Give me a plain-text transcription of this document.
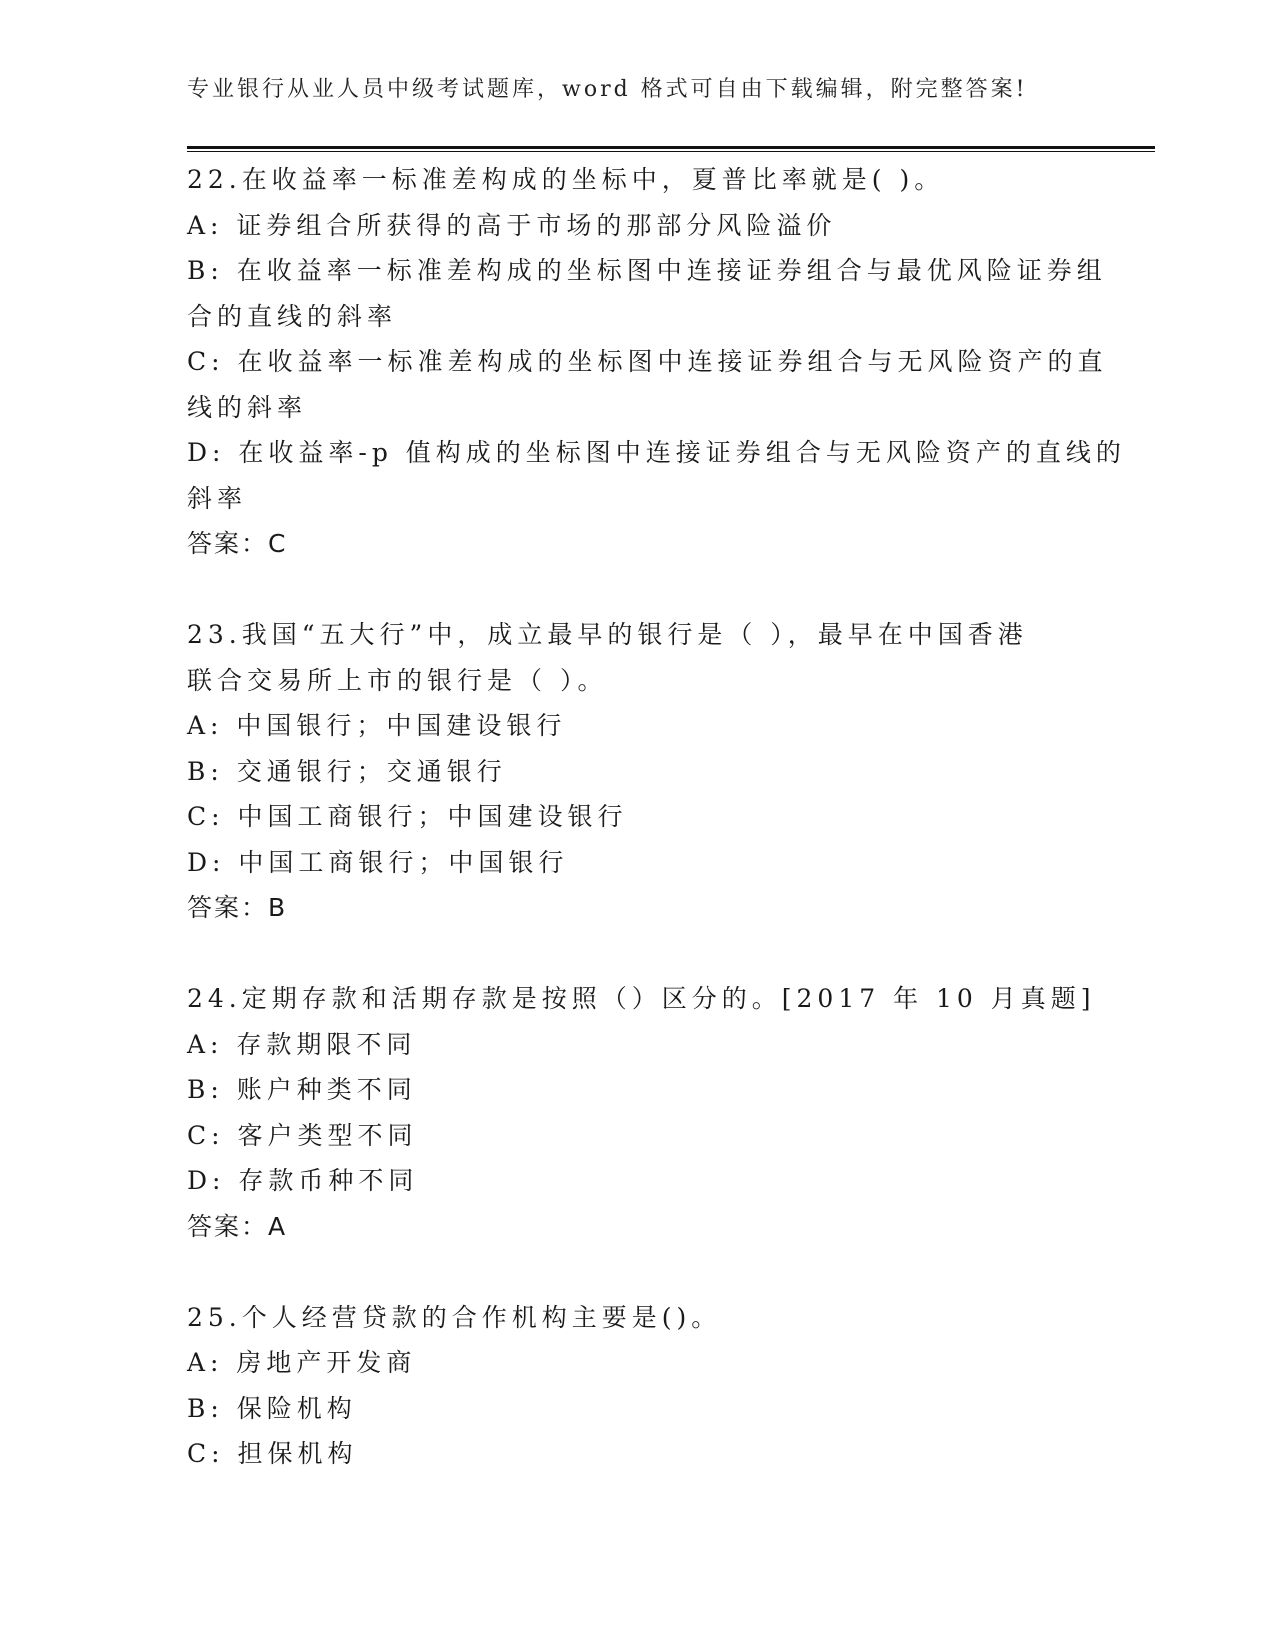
专业银行从业人员中级考试题库，word 格式可自由下载编辑，附完整答案!
22.在收益率一标准差构成的坐标中，夏普比率就是( )。
A: 证券组合所获得的高于市场的那部分风险溢价
B: 在收益率一标准差构成的坐标图中连接证券组合与最优风险证券组
合的直线的斜率
C: 在收益率一标准差构成的坐标图中连接证券组合与无风险资产的直
线的斜率
D: 在收益率-p 值构成的坐标图中连接证券组合与无风险资产的直线的
斜率
答案：C
23.我国“五大行”中，成立最早的银行是（ ），最早在中国香港
联合交易所上市的银行是（ ）。
A: 中国银行；中国建设银行
B: 交通银行；交通银行
C: 中国工商银行；中国建设银行
D: 中国工商银行；中国银行
答案：B
24.定期存款和活期存款是按照（）区分的。[2017 年 10 月真题]
A: 存款期限不同
B: 账户种类不同
C: 客户类型不同
D: 存款币种不同
答案：A
25.个人经营贷款的合作机构主要是()。
A: 房地产开发商
B: 保险机构
C: 担保机构
